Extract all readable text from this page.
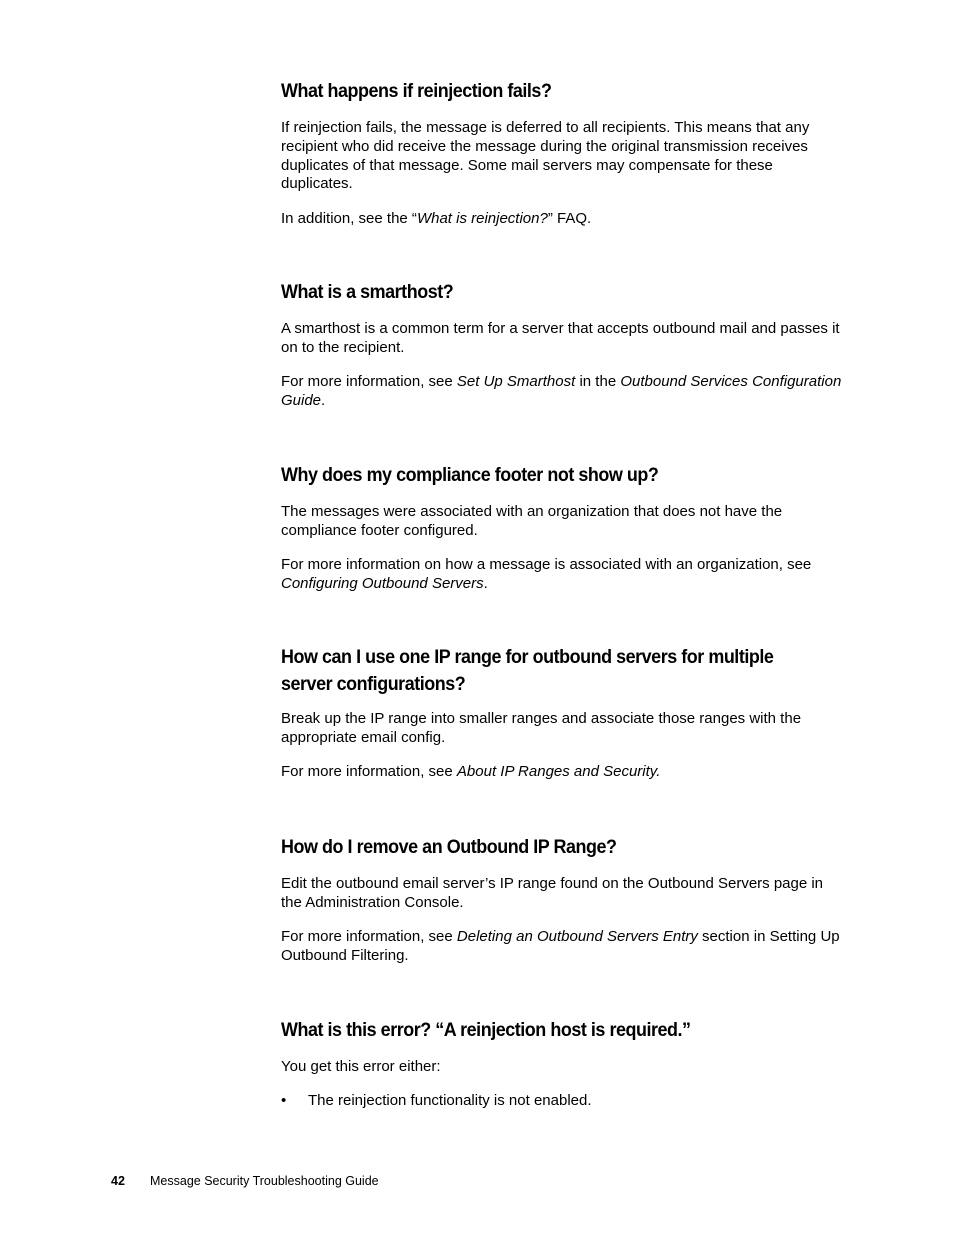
What happens if reinjection fails?

If reinjection fails, the message is deferred to all recipients. This means that any recipient who did receive the message during the original transmission receives duplicates of that message. Some mail servers may compensate for these duplicates.

In addition, see the “What is reinjection?” FAQ.

What is a smarthost?

A smarthost is a common term for a server that accepts outbound mail and passes it on to the recipient.

For more information, see Set Up Smarthost in the Outbound Services Configuration Guide.

Why does my compliance footer not show up?

The messages were associated with an organization that does not have the compliance footer configured.

For more information on how a message is associated with an organization, see Configuring Outbound Servers.

How can I use one IP range for outbound servers for multiple server configurations?

Break up the IP range into smaller ranges and associate those ranges with the appropriate email config.

For more information, see About IP Ranges and Security.

How do I remove an Outbound IP Range?

Edit the outbound email server’s IP range found on the Outbound Servers page in the Administration Console.

For more information, see Deleting an Outbound Servers Entry section in Setting Up Outbound Filtering.

What is this error? “A reinjection host is required.”

You get this error either:

• The reinjection functionality is not enabled.
42 Message Security Troubleshooting Guide
